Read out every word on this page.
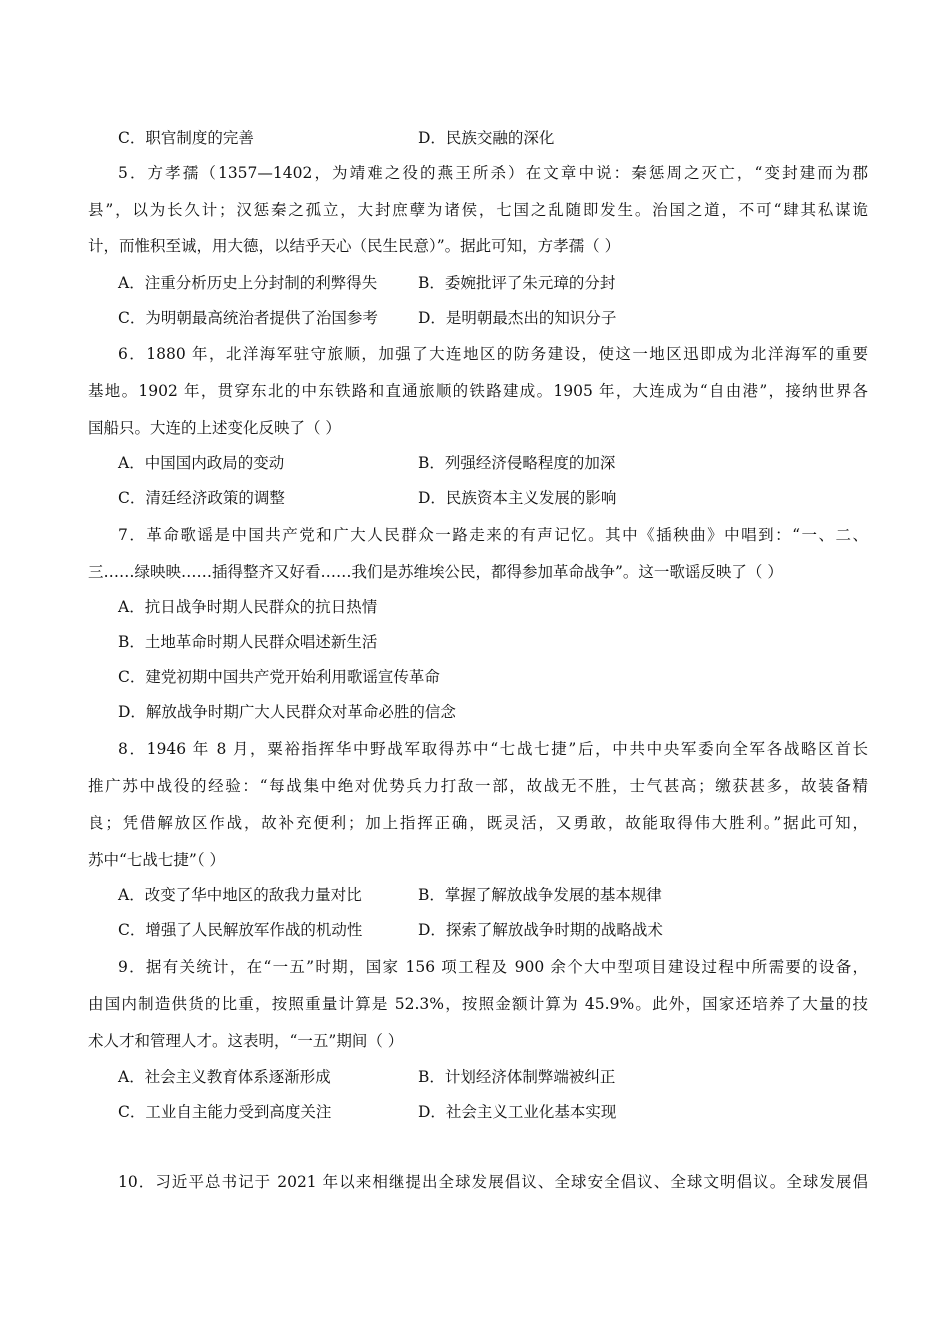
C．职官制度的完善	D．民族交融的深化
5．方孝孺（1357—1402，为靖难之役的燕王所杀）在文章中说：秦惩周之灭亡，“变封建而为郡
县”，以为长久计；汉惩秦之孤立，大封庶孽为诸侯，七国之乱随即发生。治国之道，不可“肆其私谋诡
计，而惟积至诚，用大德，以结乎天心（民生民意）”。据此可知，方孝孺（ ）
A．注重分析历史上分封制的利弊得失	B．委婉批评了朱元璋的分封
C．为明朝最高统治者提供了治国参考	D．是明朝最杰出的知识分子
6．1880 年，北洋海军驻守旅顺，加强了大连地区的防务建设，使这一地区迅即成为北洋海军的重要
基地。1902 年，贯穿东北的中东铁路和直通旅顺的铁路建成。1905 年，大连成为“自由港”，接纳世界各
国船只。大连的上述变化反映了（ ）
A．中国国内政局的变动	B．列强经济侵略程度的加深
C．清廷经济政策的调整	D．民族资本主义发展的影响
7．革命歌谣是中国共产党和广大人民群众一路走来的有声记忆。其中《插秧曲》中唱到：“一、二、
三……绿映映……插得整齐又好看……我们是苏维埃公民，都得参加革命战争”。这一歌谣反映了（ ）
A．抗日战争时期人民群众的抗日热情
B．土地革命时期人民群众唱述新生活
C．建党初期中国共产党开始利用歌谣宣传革命
D．解放战争时期广大人民群众对革命必胜的信念
8．1946 年 8 月，粟裕指挥华中野战军取得苏中“七战七捷”后，中共中央军委向全军各战略区首长
推广苏中战役的经验：“每战集中绝对优势兵力打敌一部，故战无不胜，士气甚高；缴获甚多，故装备精
良；凭借解放区作战，故补充便利；加上指挥正确，既灵活，又勇敢，故能取得伟大胜利。”据此可知，
苏中“七战七捷”（ ）
A．改变了华中地区的敌我力量对比	B．掌握了解放战争发展的基本规律
C．增强了人民解放军作战的机动性	D．探索了解放战争时期的战略战术
9．据有关统计，在“一五”时期，国家 156 项工程及 900 余个大中型项目建设过程中所需要的设备，
由国内制造供货的比重，按照重量计算是 52.3%，按照金额计算为 45.9%。此外，国家还培养了大量的技
术人才和管理人才。这表明，“一五”期间（ ）
A．社会主义教育体系逐渐形成	B．计划经济体制弊端被纠正
C．工业自主能力受到高度关注	D．社会主义工业化基本实现
10．习近平总书记于 2021 年以来相继提出全球发展倡议、全球安全倡议、全球文明倡议。全球发展倡
